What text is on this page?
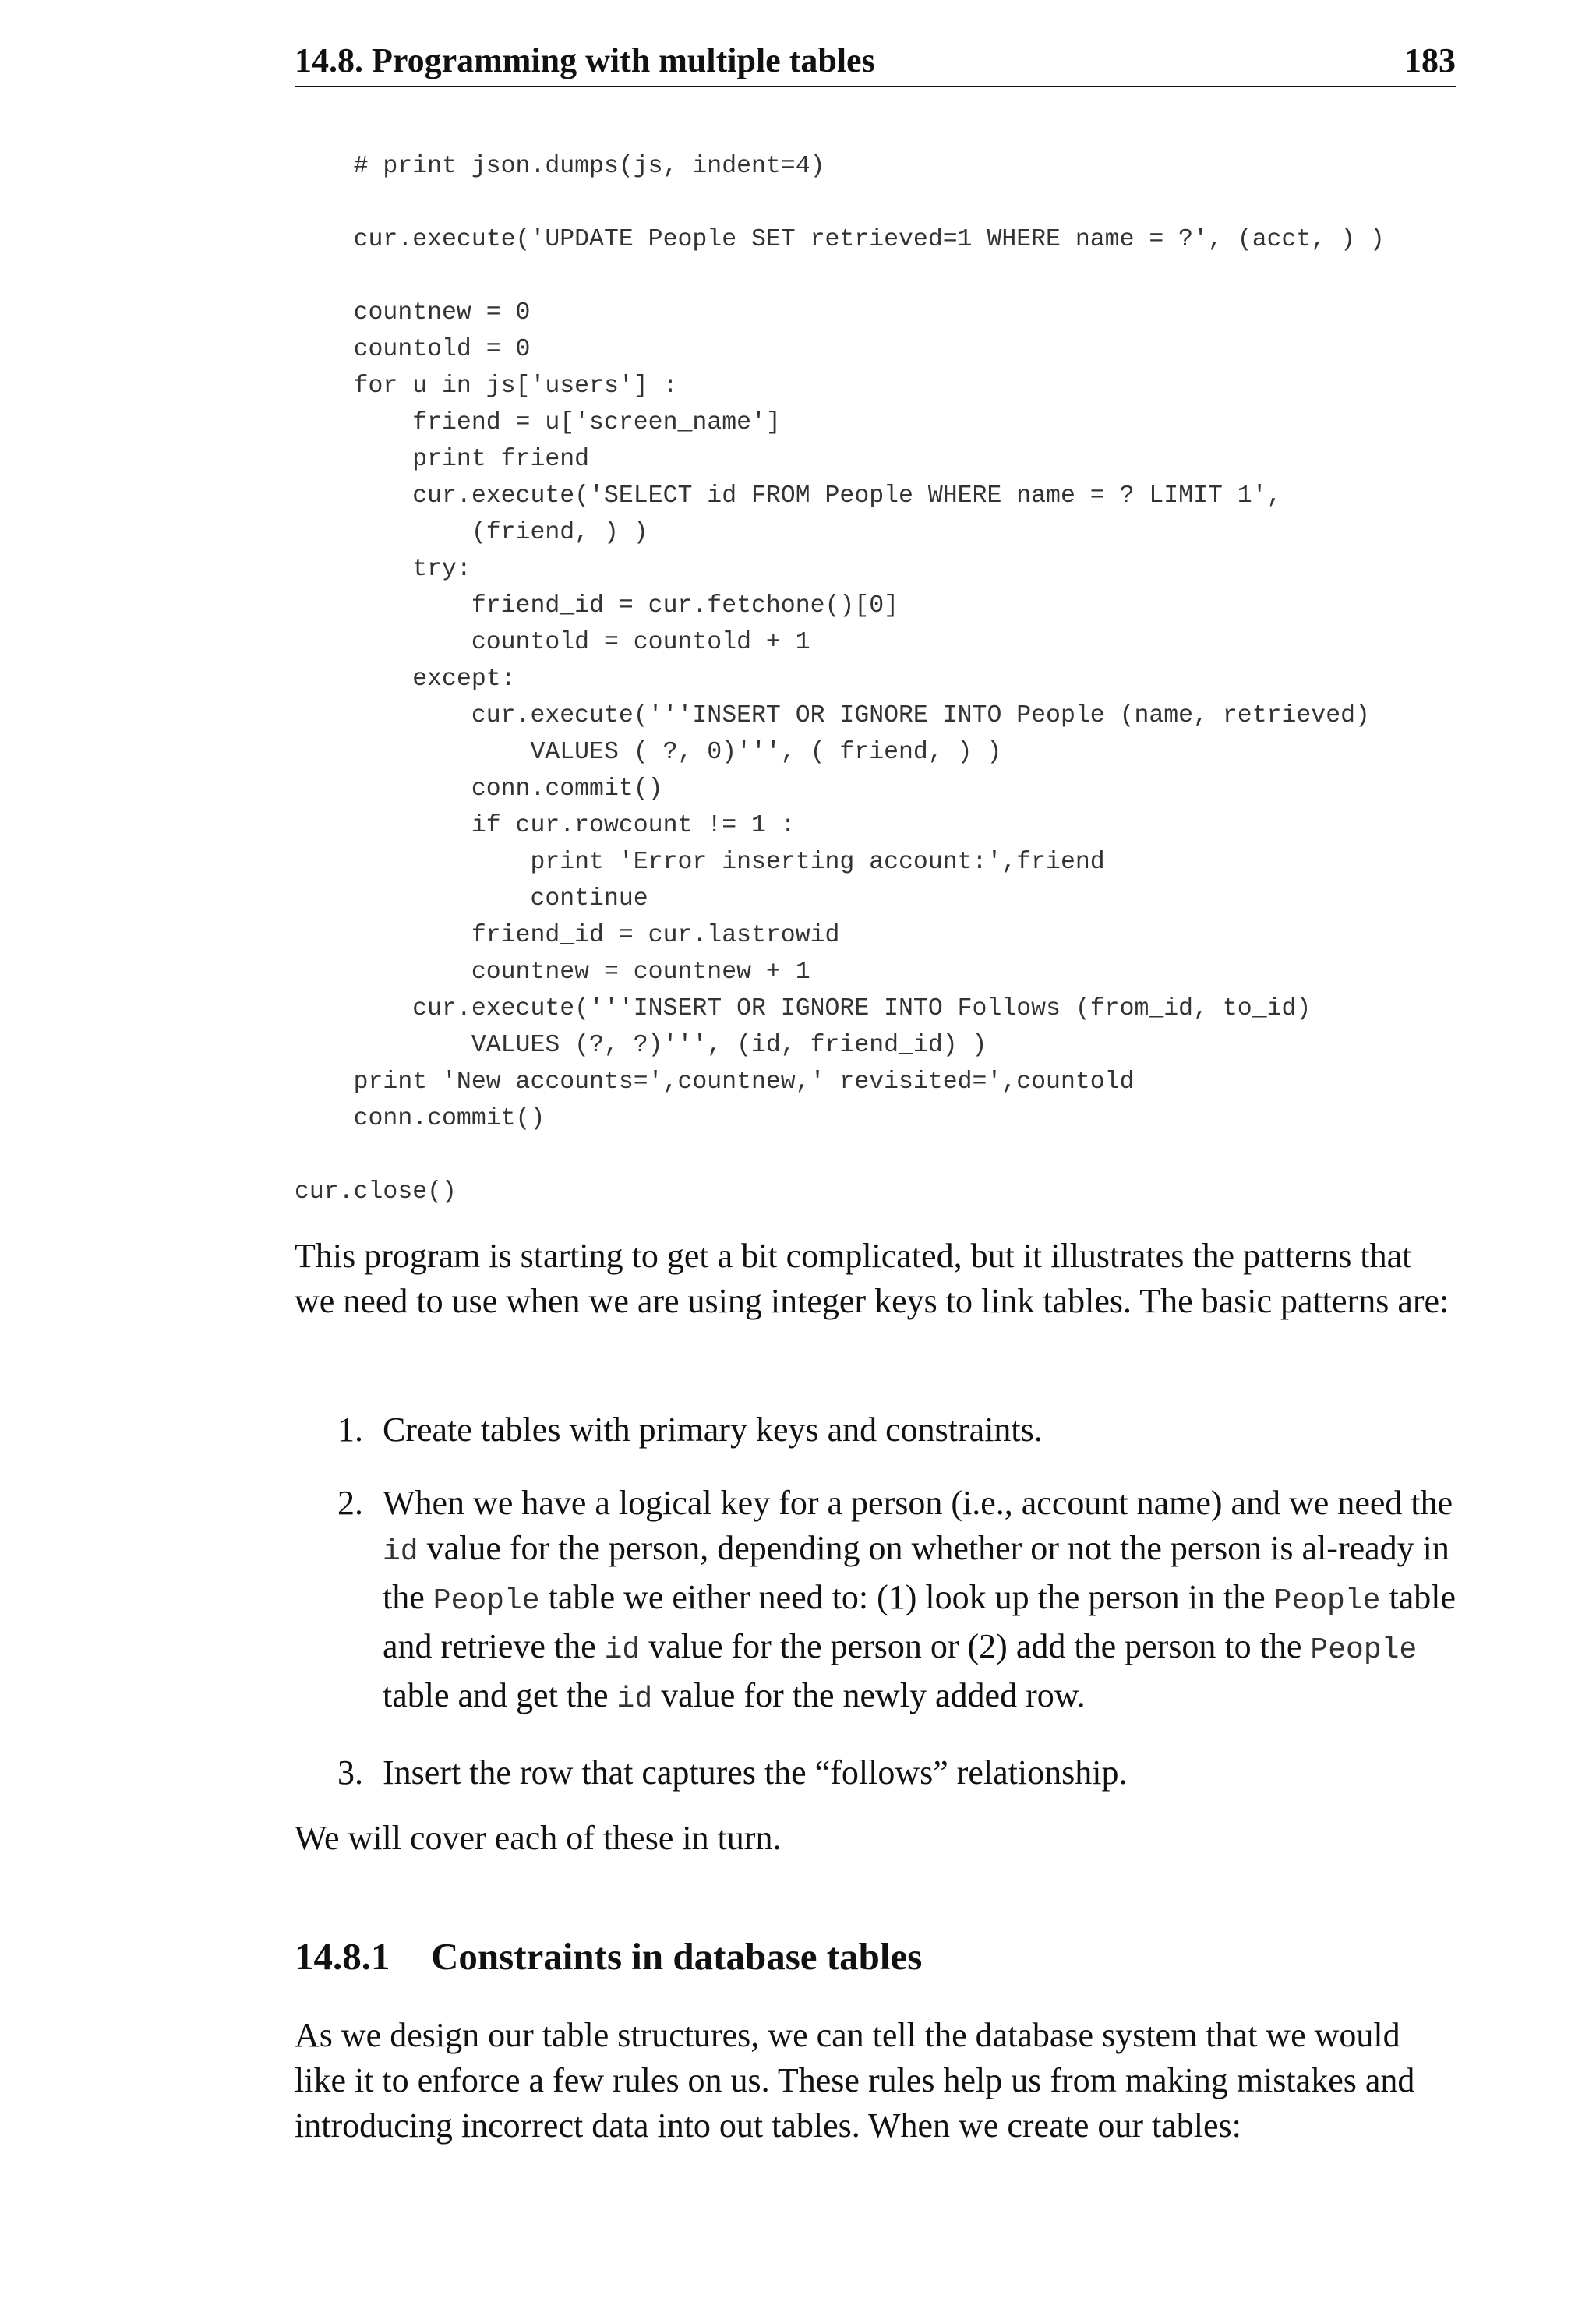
14.8. Programming with multiple tables	183
# print json.dumps(js, indent=4)
cur.execute('UPDATE People SET retrieved=1 WHERE name = ?', (acct, ) )
countnew = 0
countold = 0
for u in js['users'] :
friend = u['screen_name']
print friend
cur.execute('SELECT id FROM People WHERE name = ? LIMIT 1',
(friend, ) )
try:
friend_id = cur.fetchone()[0]
countold = countold + 1
except:
cur.execute('''INSERT OR IGNORE INTO People (name, retrieved)
VALUES ( ?, 0)''', ( friend, ) )
conn.commit()
if cur.rowcount != 1 :
print 'Error inserting account:',friend
continue
friend_id = cur.lastrowid
countnew = countnew + 1
cur.execute('''INSERT OR IGNORE INTO Follows (from_id, to_id)
VALUES (?, ?)''', (id, friend_id) )
print 'New accounts=',countnew,' revisited=',countold
conn.commit()
cur.close()

This program is starting to get a bit complicated, but it illustrates the patterns that we need to use when we are using integer keys to link tables. The basic patterns are:

1. Create tables with primary keys and constraints.
2. When we have a logical key for a person (i.e., account name) and we need the id value for the person, depending on whether or not the person is al-ready in the People table we either need to: (1) look up the person in the People table and retrieve the id value for the person or (2) add the person to the People table and get the id value for the newly added row.
3. Insert the row that captures the “follows” relationship.

We will cover each of these in turn.

14.8.1 Constraints in database tables

As we design our table structures, we can tell the database system that we would like it to enforce a few rules on us. These rules help us from making mistakes and introducing incorrect data into out tables. When we create our tables:
